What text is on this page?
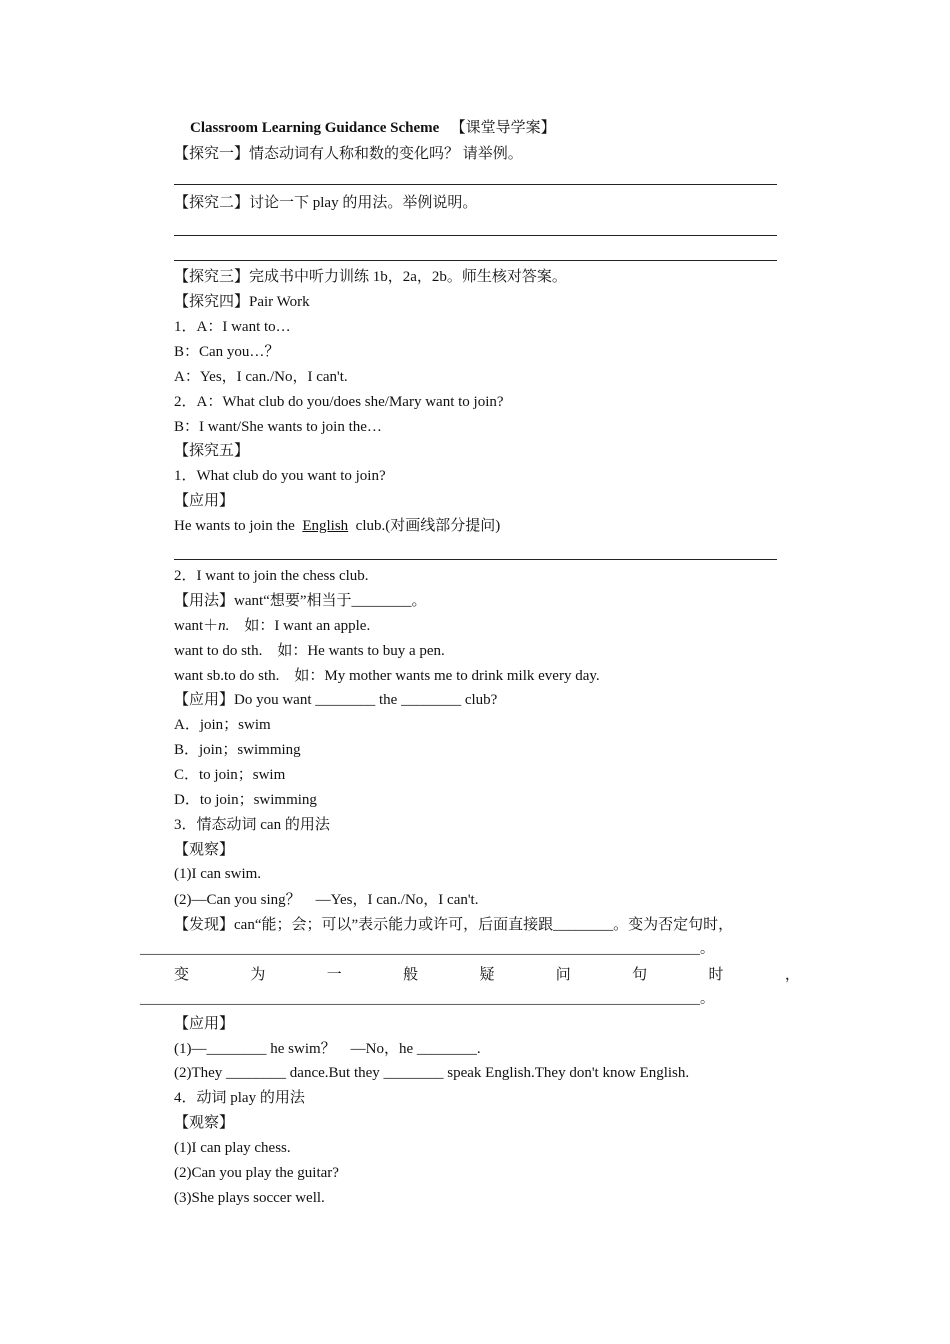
Classroom Learning Guidance Scheme 【课堂导学案】
【探究一】情态动词有人称和数的变化吗？ 请举例。
【探究二】讨论一下 play 的用法。举例说明。
【探究三】完成书中听力训练 1b，2a，2b。师生核对答案。
【探究四】Pair Work
1．A：I want to…
B：Can you…？
A：Yes，I can./No，I can't.
2．A：What club do you/does she/Mary want to join?
B：I want/She wants to join the…
【探究五】
1．What club do you want to join?
【应用】
He wants to join the  English  club.(对画线部分提问)
2．I want to join the chess club.
【用法】want“想要”相当于________。
want＋n.　如：I want an apple.
want to do sth.　如：He wants to buy a pen.
want sb.to do sth.　如：My mother wants me to drink milk every day.
【应用】Do you want ________ the ________ club?
A．join；swim
B．join；swimming
C．to join；swim
D．to join；swimming
3．情态动词 can 的用法
【观察】
(1)I can swim.
(2)—Can you sing？　—Yes，I can./No，I can't.
【发现】can“能；会；可以”表示能力或许可，后面直接跟________。变为否定句时，
________________________________________________________________________________。
变	为	一	般	疑	问	句	时	，
________________________________________________________________________________。
【应用】
(1)—________ he swim？　—No，he ________.
(2)They ________ dance.But they ________ speak English.They don't know English.
4．动词 play 的用法
【观察】
(1)I can play chess.
(2)Can you play the guitar?
(3)She plays soccer well.
